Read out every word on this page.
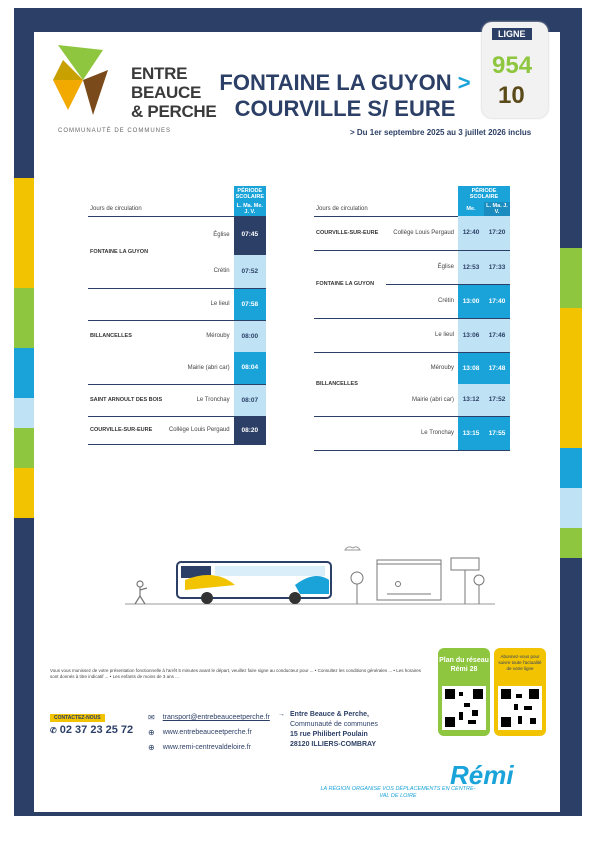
ENTRE
BEAUCE
& PERCHE
COMMUNAUTÉ DE COMMUNES
FONTAINE LA GUYON >
COURVILLE S/ EURE
> Du 1er septembre 2025 au 3 juillet 2026 inclus
LIGNE
954
10
		PÉRIODE SCOLAIRE
Jours de circulation		L. Ma. Me. J. V.
FONTAINE LA GUYON	Église	07:45
	Crétin	07:52
	Le lieul	07:58
BILLANCELLES	Mérouby	08:00
	Mairie (abri car)	08:04
SAINT ARNOULT DES BOIS	Le Tronchay	08:07
COURVILLE-SUR-EURE	Collège Louis Pergaud	08:20
		PÉRIODE SCOLAIRE	
Jours de circulation		Me.	L. Ma. J. V.
COURVILLE-SUR-EURE	Collège Louis Pergaud	12:40	17:20
FONTAINE LA GUYON	Église	12:53	17:33
	Crétin	13:00	17:40
	Le lieul	13:06	17:46
BILLANCELLES	Mérouby	13:08	17:48
	Mairie (abri car)	13:12	17:52
	Le Tronchay	13:15	17:55
Vous vous munissez de votre présentation fonctionnelle à l'arrêt 5 minutes avant le départ, veuillez faire signe au conducteur pour ... • Consultez les conditions générales ... • Les horaires sont donnés à titre indicatif ... • Les enfants de moins de 3 ans ...
CONTACTEZ-NOUS
✆ 02 37 23 25 72
✉ transport@entrebeauceetperche.fr
⊕ www.entrebeauceetperche.fr
⊕ www.remi-centrevaldeloire.fr
→ Entre Beauce & Perche,
Communauté de communes
15 rue Philibert Poulain
28120 ILLIERS-COMBRAY
Plan du réseau
Rémi 28
Abonnez-vous pour suivre toute l'actualité de votre ligne
LA RÉGION ORGANISE VOS DÉPLACEMENTS EN CENTRE-VAL DE LOIRE
Rémi
